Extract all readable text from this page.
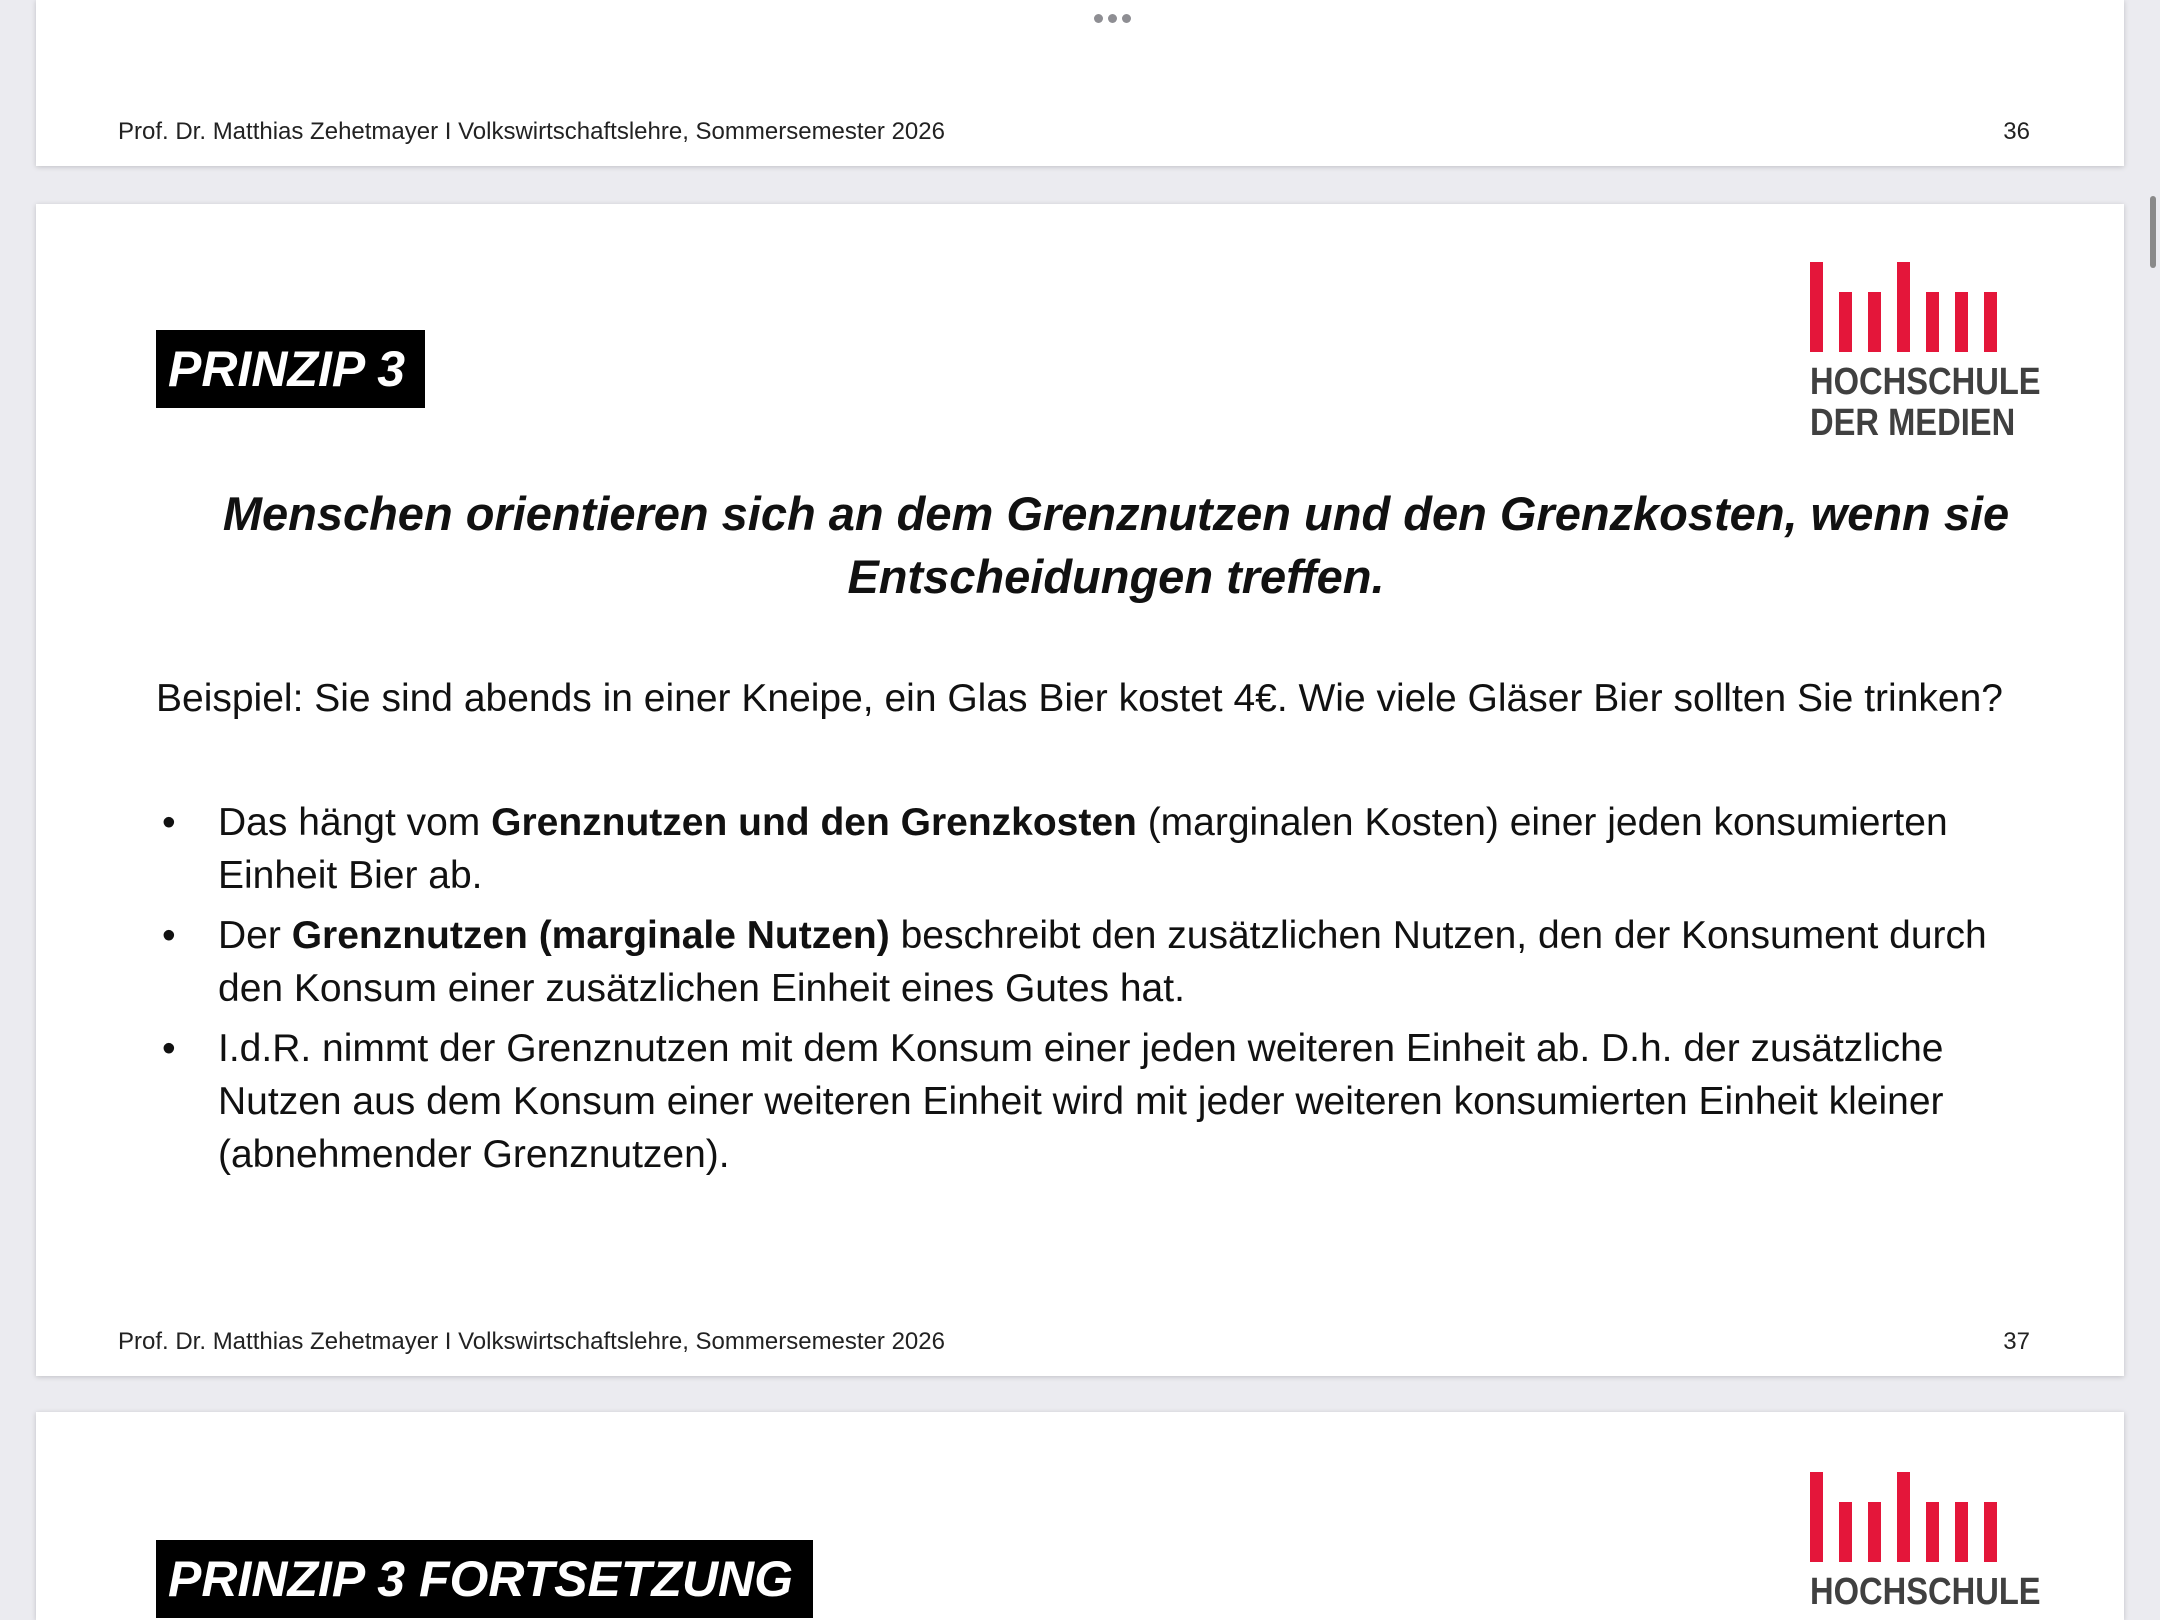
Prof. Dr. Matthias Zehetmayer I Volkswirtschaftslehre, Sommersemester 2026	36
PRINZIP 3	HOCHSCHULE
DER MEDIEN
Menschen orientieren sich an dem Grenznutzen und den Grenzkosten, wenn sie Entscheidungen treffen.
Beispiel: Sie sind abends in einer Kneipe, ein Glas Bier kostet 4€. Wie viele Gläser Bier sollten Sie trinken?
• Das hängt vom Grenznutzen und den Grenzkosten (marginalen Kosten) einer jeden konsumierten Einheit Bier ab.
• Der Grenznutzen (marginale Nutzen) beschreibt den zusätzlichen Nutzen, den der Konsument durch den Konsum einer zusätzlichen Einheit eines Gutes hat.
• I.d.R. nimmt der Grenznutzen mit dem Konsum einer jeden weiteren Einheit ab. D.h. der zusätzliche Nutzen aus dem Konsum einer weiteren Einheit wird mit jeder weiteren konsumierten Einheit kleiner (abnehmender Grenznutzen).
Prof. Dr. Matthias Zehetmayer I Volkswirtschaftslehre, Sommersemester 2026	37
PRINZIP 3 FORTSETZUNG	HOCHSCHULE
